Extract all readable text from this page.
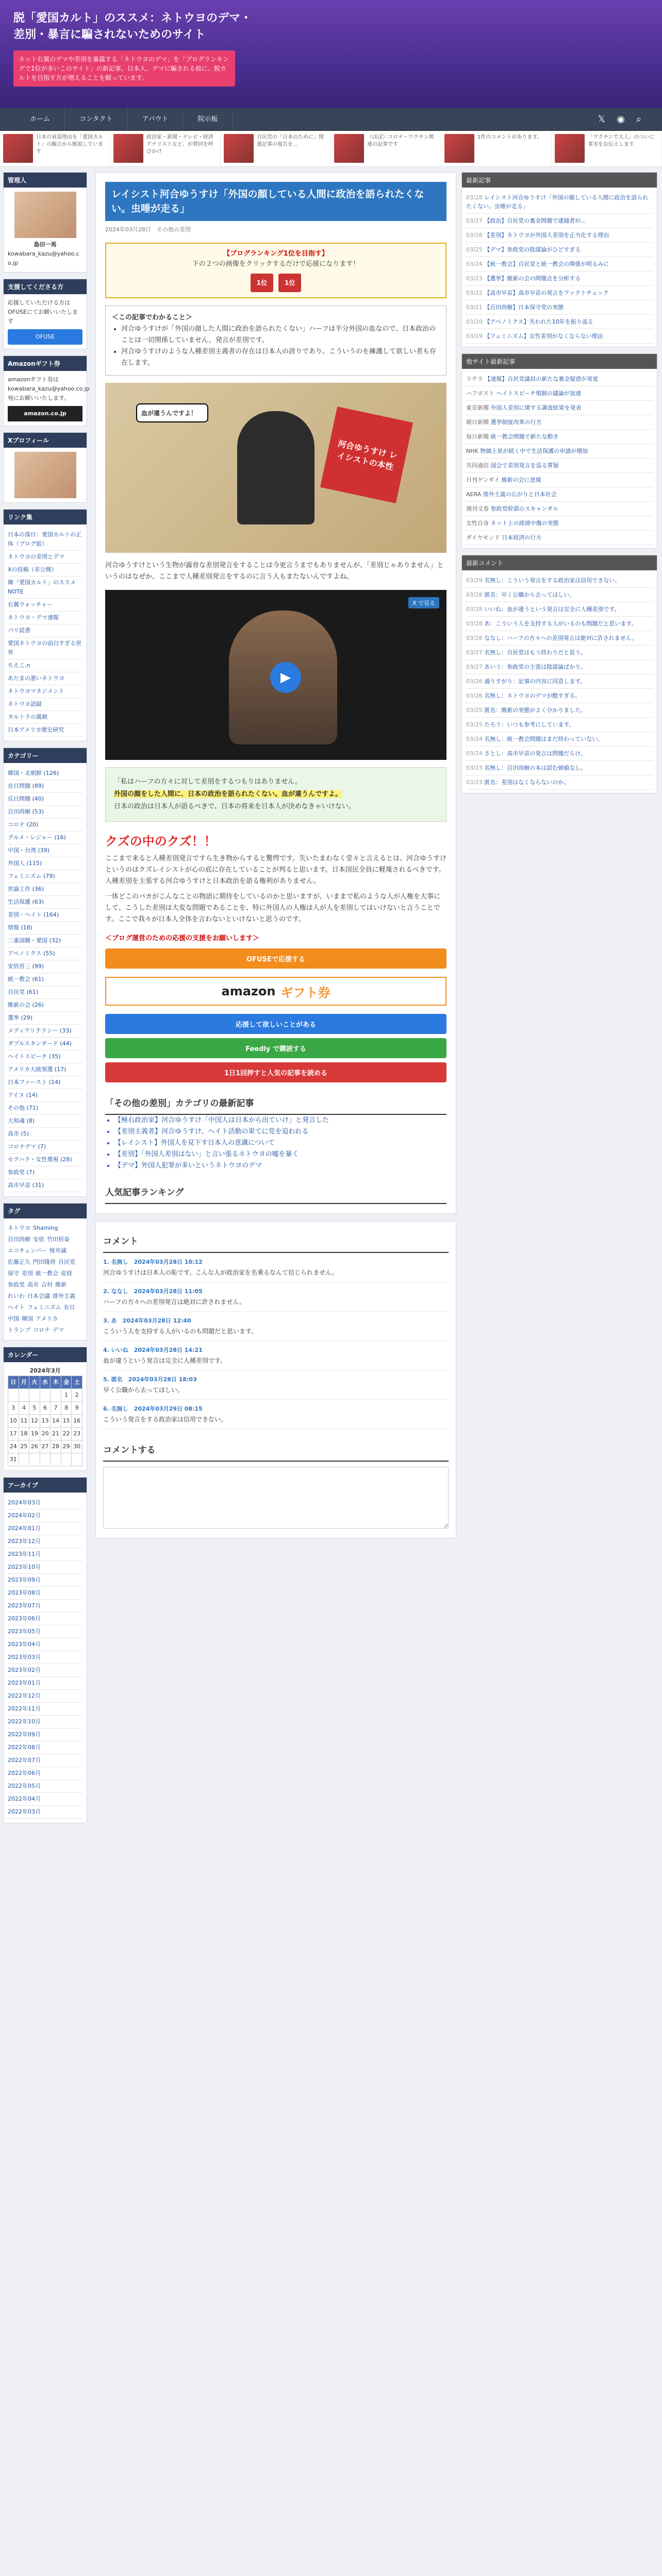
脱「愛国カルト」のススメ：ネトウヨのデマ・差別・暴言に騙されないためのサイト
ネット右翼のデマや差別を暴露する「ネトウヨのデマ」を「ブログランキングで1位が多いこのサイト」の新記事。日本人、デマに騙される前に、脱カルトを目指す方が増えることを願っています。
ホーム	コンタクト	アバウト	院示板	𝕏 ◉ ⌕
日本の衰退理由を「愛国カルト」の観点から解説しています
政治家・新聞・テレビ・経済アナリストなど、が賛同を呼びかけ
自民党の「日本のために」関連記事の報告を...
（ほぼ）コロナ・ワクチン関連の記事です
1件のコメントがあります。	「ワクチンで大人」のついに事実をお伝えします
管理人
島田一馬
kowabara_kazu@yahoo.co.jp
支援してくださる方
応援していただける方はOFUSEにてお願いいたします
OFUSE
Amazonギフト券
amazonギフト券はkowabara_kazu@yahoo.co.jp宛にお願いいたします。
amazon.co.jp
Xプロフィール
リンク集
日本の落日：愛国カルトの正体（ブログ版）
ネトウヨの差別とデマ
Xの投稿（非公開）
韓「愛国カルト」のススメNOTE
右翼ウォッチャー
ネトウヨ・デマ速報
パリ読書
愛国ネトウヨの面白すぎる世界
ちえこ.n
あたまの悪いネトウヨ
ネトウヨマネジメント
ネトウヨ語録
タルトラの風刺
日本アメリカ歴史研究
カテゴリー
韓国・北朝鮮 (126)
在日問題 (89)
反日問題 (40)
百田尚樹 (53)
コロナ (20)
グルメ・レジャー (16)
中国・台湾 (39)
外国人 (115)
フェミニズム (79)
世論工作 (36)
生活保護 (63)
差別・ヘイト (164)
情報 (18)
二重国籍・愛国 (32)
アベノミクス (55)
安倍晋三 (99)
統一教会 (61)
自民党 (61)
維新の会 (26)
選挙 (29)
メディアリテラシー (33)
ダブルスタンダード (44)
ヘイトスピーチ (35)
アメリカ大統領選 (17)
日本ファースト (14)
アイヌ (14)
その他 (71)
大和魂 (8)
高市 (5)
コロナデマ (7)
セクハラ・女性蔑視 (28)
参政党 (7)
高市早苗 (31)
タグ
ネトウヨ Shaming百田尚樹 安倍 竹田恒泰エコチェンバー 桜井誠佐藤正久 門田隆将 自民党保守 差別 統一教会 産経参政党 高市 吉村 維新れいわ 日本会議 排外主義ヘイト フェミニズム 在日中国 韓国 アメリカトランプ コロナ デマ
カレンダー
2024年3月
日	月	火	水	木	金	土
					1	2
3	4	5	6	7	8	9
10	11	12	13	14	15	16
17	18	19	20	21	22	23
24	25	26	27	28	29	30
31						
アーカイブ
2024年03月
2024年02月
2024年01月
2023年12月
2023年11月
2023年10月
2023年09月
2023年08月
2023年07月
2023年06月
2023年05月
2023年04月
2023年03月
2023年02月
2023年01月
2022年12月
2022年11月
2022年10月
2022年09月
2022年08月
2022年07月
2022年06月
2022年05月
2022年04月
2022年03月
レイシスト河合ゆうすけ「外国の顔している人間に政治を語られたくない。虫唾が走る」
2024年03月28日　その他の差別
【ブログランキング1位を目指す】
下の２つの画像をクリックするだけで応援になります！
1位	1位
＜この記事でわかること＞
• 河合ゆうすけが「外国の顔した人間に政治を語られたくない」ハーフは半分外国の血なので、日本政治のことは一切関係していません。発言が差別です。
• 河合ゆうすけのような人種差別主義者の存在は日本人の誇りであり、こういうのを擁護して欲しい者も存在します。
血が違うんですよ！
河合ゆうすけ レイシストの本性
河合ゆうすけという生物が露骨な差別発言をすることは今更言うまでもありませんが、「差別じゃありません」というのはなぜか、ここまで人種差別発言をするのに言う人もまたないんですよね。
X で見る
▶
「私はハーフの方々に対して差別をするつもりはありません。
外国の顔をした人間に、日本の政治を語られたくない。血が違うんですよ。
日本の政治は日本人が語るべきで、日本の将来を日本人が決めなきゃいけない。
クズの中のクズ！！
ここまで来ると人種差別発言ですら生き物からすると驚愕です。失いたまわなく堂々と言えるとは、河合ゆうすけというのはクズレイシストが心の底に存在していることが判ると思います。日本国民全員に軽蔑されるべきです。人種差別を主張する河合ゆうすけと日本政治を語る権利がありません。
一体どこのバカがこんなことの物語に期待をしているのかと思いますが、いままで私のような人が人権を大事にして、こうした差別は大変な問題であることを、特に外国人の人権は人が人を差別してはいけないと言うことです。ここで我々が日本人全体を言わないといけないと思うのです。
＜ブログ運営のための応援の支援をお願いします＞
OFUSEで応援する
amazon ギフト券
応援して欲しいことがある
Feedly で購読する
1日1回押すと人気の記事を読める
「その他の差別」カテゴリの最新記事
• 【極右政治家】河合ゆうすけ「中国人は日本から出ていけ」と発言した
• 【差別主義者】河合ゆうすけ、ヘイト活動の果てに党を追われる
• 【レイシスト】外国人を見下す日本人の意識について
• 【差別】「外国人差別はない」と言い張るネトウヨの嘘を暴く
• 【デマ】外国人犯罪が多いというネトウヨのデマ
人気記事ランキング
コメント
1. 名無し　2024年03月28日 10:12
河合ゆうすけは日本人の恥です。こんな人が政治家を名乗るなんて信じられません。
2. ななし　2024年03月28日 11:05
ハーフの方々への差別発言は絶対に許されません。
3. あ　2024年03月28日 12:40
こういう人を支持する人がいるのも問題だと思います。
4. いいね　2024年03月28日 14:21
血が違うという発言は完全に人種差別です。
5. 匿名　2024年03月28日 18:03
早く公職から去ってほしい。
6. 名無し　2024年03月29日 08:15
こういう発言をする政治家は信用できない。
コメントする
最新記事
03/28 レイシスト河合ゆうすけ「外国の顔している人間に政治を語られたくない。虫唾が走る」
03/27 【政治】自民党の裏金問題で逮捕者が...
03/26 【差別】ネトウヨが外国人差別を正当化する理由
03/25 【デマ】参政党の陰謀論がひどすぎる
03/24 【統一教会】自民党と統一教会の関係が明るみに
03/23 【選挙】維新の会の問題点を分析する
03/22 【高市早苗】高市早苗の発言をファクトチェック
03/21 【百田尚樹】日本保守党の実態
03/20 【アベノミクス】失われた10年を振り返る
03/19 【フェミニズム】女性差別がなくならない理由
他サイト最新記事
リテラ 【速報】自民党議員の新たな裏金疑惑が発覚
ハフポスト ヘイトスピーチ規制の議論が加速
東京新聞 外国人差別に関する調査結果を発表
朝日新聞 選挙制度改革の行方
毎日新聞 統一教会問題で新たな動き
NHK 物価上昇が続く中で生活保護の申請が増加
共同通信 国会で差別発言を巡る質疑
日刊ゲンダイ 維新の会に逆風
AERA 排外主義の広がりと日本社会
週刊文春 参政党幹部のスキャンダル
女性自身 ネット上の誹謗中傷の実態
ダイヤモンド 日本経済の行方
最新コメント
03/29 名無し：こういう発言をする政治家は信用できない。
03/28 匿名：早く公職から去ってほしい。
03/28 いいね：血が違うという発言は完全に人種差別です。
03/28 あ：こういう人を支持する人がいるのも問題だと思います。
03/28 ななし：ハーフの方々への差別発言は絶対に許されません。
03/27 名無し：自民党はもう終わりだと思う。
03/27 あいう：参政党の主張は陰謀論ばかり。
03/26 通りすがり：記事の内容に同意します。
03/26 名無し：ネトウヨのデマが酷すぎる。
03/25 匿名：維新の実態がよく分かりました。
03/25 たろう：いつも参考にしています。
03/24 名無し：統一教会問題はまだ終わっていない。
03/24 さとし：高市早苗の発言は問題だらけ。
03/23 名無し：百田尚樹の本は読む価値なし。
03/23 匿名：差別はなくならないのか。
